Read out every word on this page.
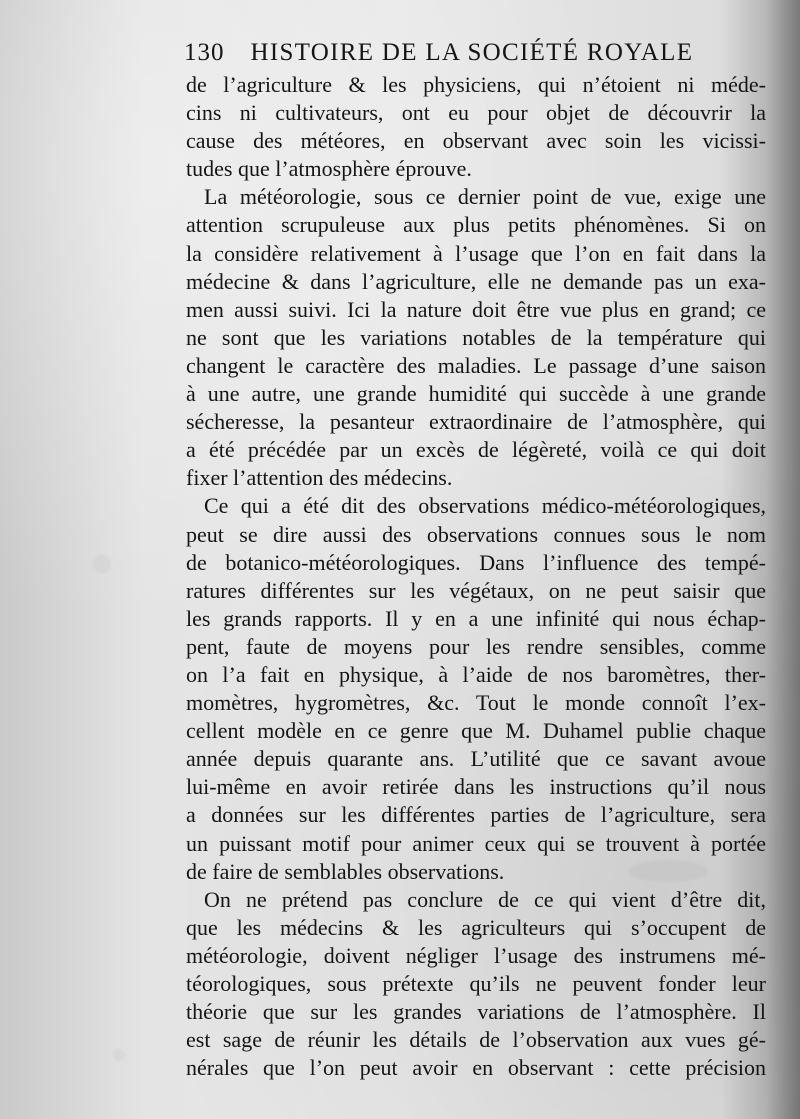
130 HISTOIRE DE LA SOCIÉTÉ ROYALE
de l’agriculture & les physiciens, qui n’étoient ni méde-
cins ni cultivateurs, ont eu pour objet de découvrir la
cause des météores, en observant avec soin les vicissi-
tudes que l’atmosphère éprouve.
La météorologie, sous ce dernier point de vue, exige une
attention scrupuleuse aux plus petits phénomènes. Si on
la considère relativement à l’usage que l’on en fait dans la
médecine & dans l’agriculture, elle ne demande pas un exa-
men aussi suivi. Ici la nature doit être vue plus en grand; ce
ne sont que les variations notables de la température qui
changent le caractère des maladies. Le passage d’une saison
à une autre, une grande humidité qui succède à une grande
sécheresse, la pesanteur extraordinaire de l’atmosphère, qui
a été précédée par un excès de légèreté, voilà ce qui doit
fixer l’attention des médecins.
Ce qui a été dit des observations médico-météorologiques,
peut se dire aussi des observations connues sous le nom
de botanico-météorologiques. Dans l’influence des tempé-
ratures différentes sur les végétaux, on ne peut saisir que
les grands rapports. Il y en a une infinité qui nous échap-
pent, faute de moyens pour les rendre sensibles, comme
on l’a fait en physique, à l’aide de nos baromètres, ther-
momètres, hygromètres, &c. Tout le monde connoît l’ex-
cellent modèle en ce genre que M. Duhamel publie chaque
année depuis quarante ans. L’utilité que ce savant avoue
lui-même en avoir retirée dans les instructions qu’il nous
a données sur les différentes parties de l’agriculture, sera
un puissant motif pour animer ceux qui se trouvent à portée
de faire de semblables observations.
On ne prétend pas conclure de ce qui vient d’être dit,
que les médecins & les agriculteurs qui s’occupent de
météorologie, doivent négliger l’usage des instrumens mé-
téorologiques, sous prétexte qu’ils ne peuvent fonder leur
théorie que sur les grandes variations de l’atmosphère. Il
est sage de réunir les détails de l’observation aux vues gé-
nérales que l’on peut avoir en observant : cette précision
